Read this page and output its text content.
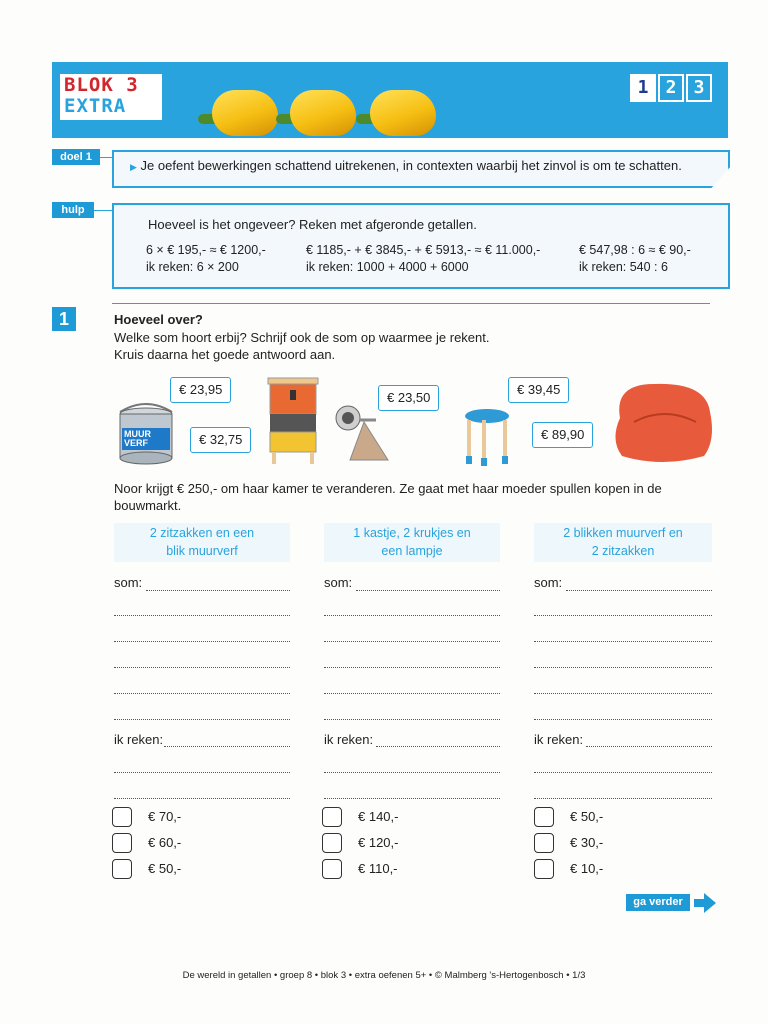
BLOK 3
EXTRA
1 2 3
doel 1
▶ Je oefent bewerkingen schattend uitrekenen, in contexten waarbij het zinvol is om te schatten.
hulp
Hoeveel is het ongeveer? Reken met afgeronde getallen.
6 × € 195,- ≈ € 1200,-
ik reken: 6 × 200
€ 1185,- + € 3845,- + € 5913,- ≈ € 11.000,-
ik reken: 1000 + 4000 + 6000
€ 547,98 : 6 ≈ € 90,-
ik reken: 540 : 6
1	Hoeveel over?
Welke som hoort erbij? Schrijf ook de som op waarmee je rekent.
Kruis daarna het goede antwoord aan.
MUUR
VERF
€ 23,95
€ 32,75
€ 23,50
€ 39,45
€ 89,90
Noor krijgt € 250,- om haar kamer te veranderen. Ze gaat met haar moeder spullen kopen in de
bouwmarkt.
2 zitzakken en een
blik muurverf
som:
ik reken:
€ 70,-
€ 60,-
€ 50,-
1 kastje, 2 krukjes en
een lampje
som:
ik reken:
€ 140,-
€ 120,-
€ 110,-
2 blikken muurverf en
2 zitzakken
som:
ik reken:
€ 50,-
€ 30,-
€ 10,-
ga verder
De wereld in getallen • groep 8 • blok 3 • extra oefenen 5+ • © Malmberg 's-Hertogenbosch • 1/3
